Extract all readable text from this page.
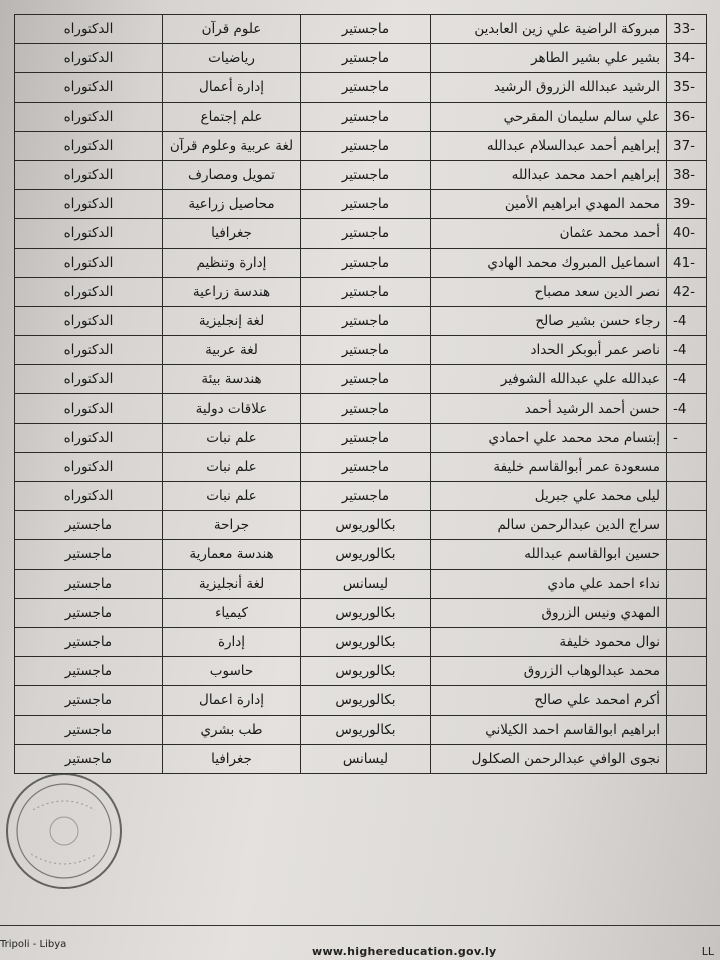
33-	مبروكة الراضية علي زين العابدين	ماجستير	علوم قرآن	الدكتوراه
34-	بشير علي بشير الطاهر	ماجستير	رياضيات	الدكتوراه
35-	الرشيد عبدالله الزروق الرشيد	ماجستير	إدارة أعمال	الدكتوراه
36-	علي سالم سليمان المقرحي	ماجستير	علم إجتماع	الدكتوراه
37-	إبراهيم أحمد عبدالسلام عبدالله	ماجستير	لغة عربية وعلوم قرآن	الدكتوراه
38-	إبراهيم احمد محمد عبدالله	ماجستير	تمويل ومصارف	الدكتوراه
39-	محمد المهدي ابراهيم الأمين	ماجستير	محاصيل زراعية	الدكتوراه
40-	أحمد محمد عثمان	ماجستير	جغرافيا	الدكتوراه
41-	اسماعيل المبروك محمد الهادي	ماجستير	إدارة وتنظيم	الدكتوراه
42-	نصر الدين سعد مصباح	ماجستير	هندسة زراعية	الدكتوراه
-4	رجاء حسن بشير صالح	ماجستير	لغة إنجليزية	الدكتوراه
-4	ناصر عمر أبوبكر الحداد	ماجستير	لغة عربية	الدكتوراه
-4	عبدالله علي عبدالله الشوفير	ماجستير	هندسة بيئة	الدكتوراه
-4	حسن أحمد الرشيد أحمد	ماجستير	علاقات دولية	الدكتوراه
-	إبتسام محد محمد علي احمادي	ماجستير	علم نبات	الدكتوراه
	مسعودة عمر أبوالقاسم خليفة	ماجستير	علم نبات	الدكتوراه
	ليلى محمد علي جبريل	ماجستير	علم نبات	الدكتوراه
	سراج الدين عبدالرحمن سالم	بكالوريوس	جراحة	ماجستير
	حسين ابوالقاسم عبدالله	بكالوريوس	هندسة معمارية	ماجستير
	نداء احمد علي مادي	ليسانس	لغة أنجليزية	ماجستير
	المهدي ونيس الزروق	بكالوريوس	كيمياء	ماجستير
	نوال محمود خليفة	بكالوريوس	إدارة	ماجستير
	محمد عبدالوهاب الزروق	بكالوريوس	حاسوب	ماجستير
	أكرم امحمد علي صالح	بكالوريوس	إدارة اعمال	ماجستير
	ابراهيم ابوالقاسم احمد الكيلاني	بكالوريوس	طب بشري	ماجستير
	نجوى الوافي عبدالرحمن الصكلول	ليسانس	جغرافيا	ماجستير
Tripoli - Libya
www.highereducation.gov.ly	LL
